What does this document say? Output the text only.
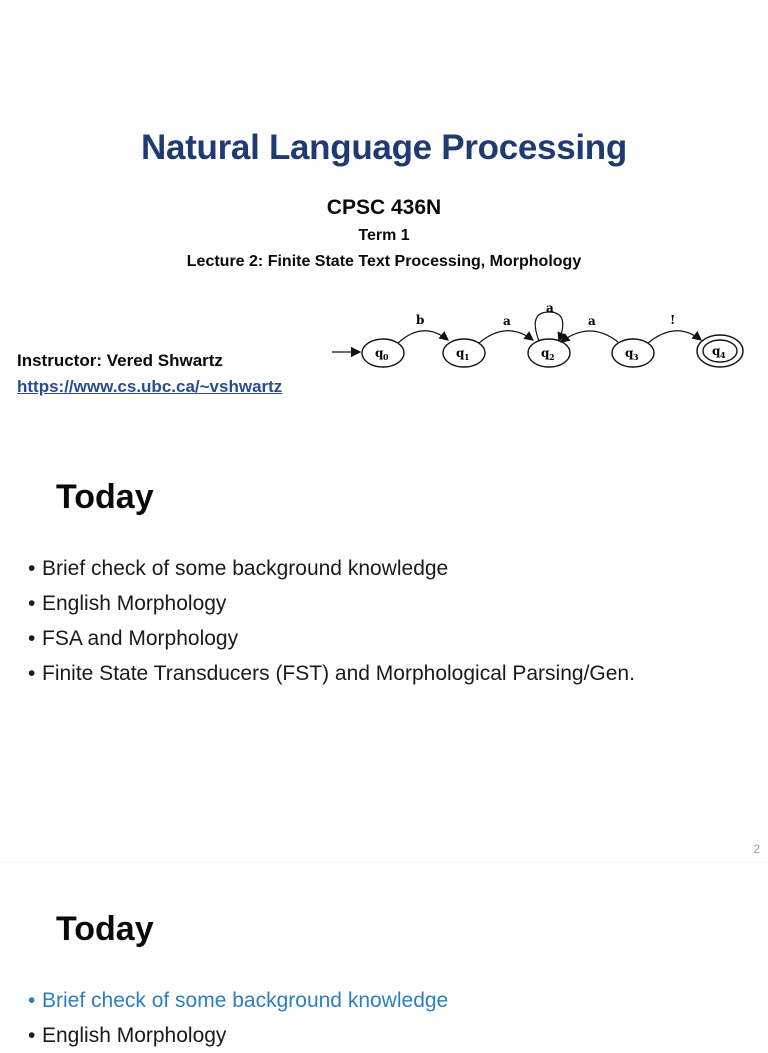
Natural Language Processing
CPSC 436N
Term 1
Lecture 2: Finite State Text Processing, Morphology
Instructor: Vered Shwartz
https://www.cs.ubc.ca/~vshwartz
q 0	q 1	q 2	q 3	q 4
b	a
a
a	!
Today
• Brief check of some background knowledge
• English Morphology
• FSA and Morphology
• Finite State Transducers (FST) and Morphological Parsing/Gen.
2
Today
• Brief check of some background knowledge
• English Morphology
